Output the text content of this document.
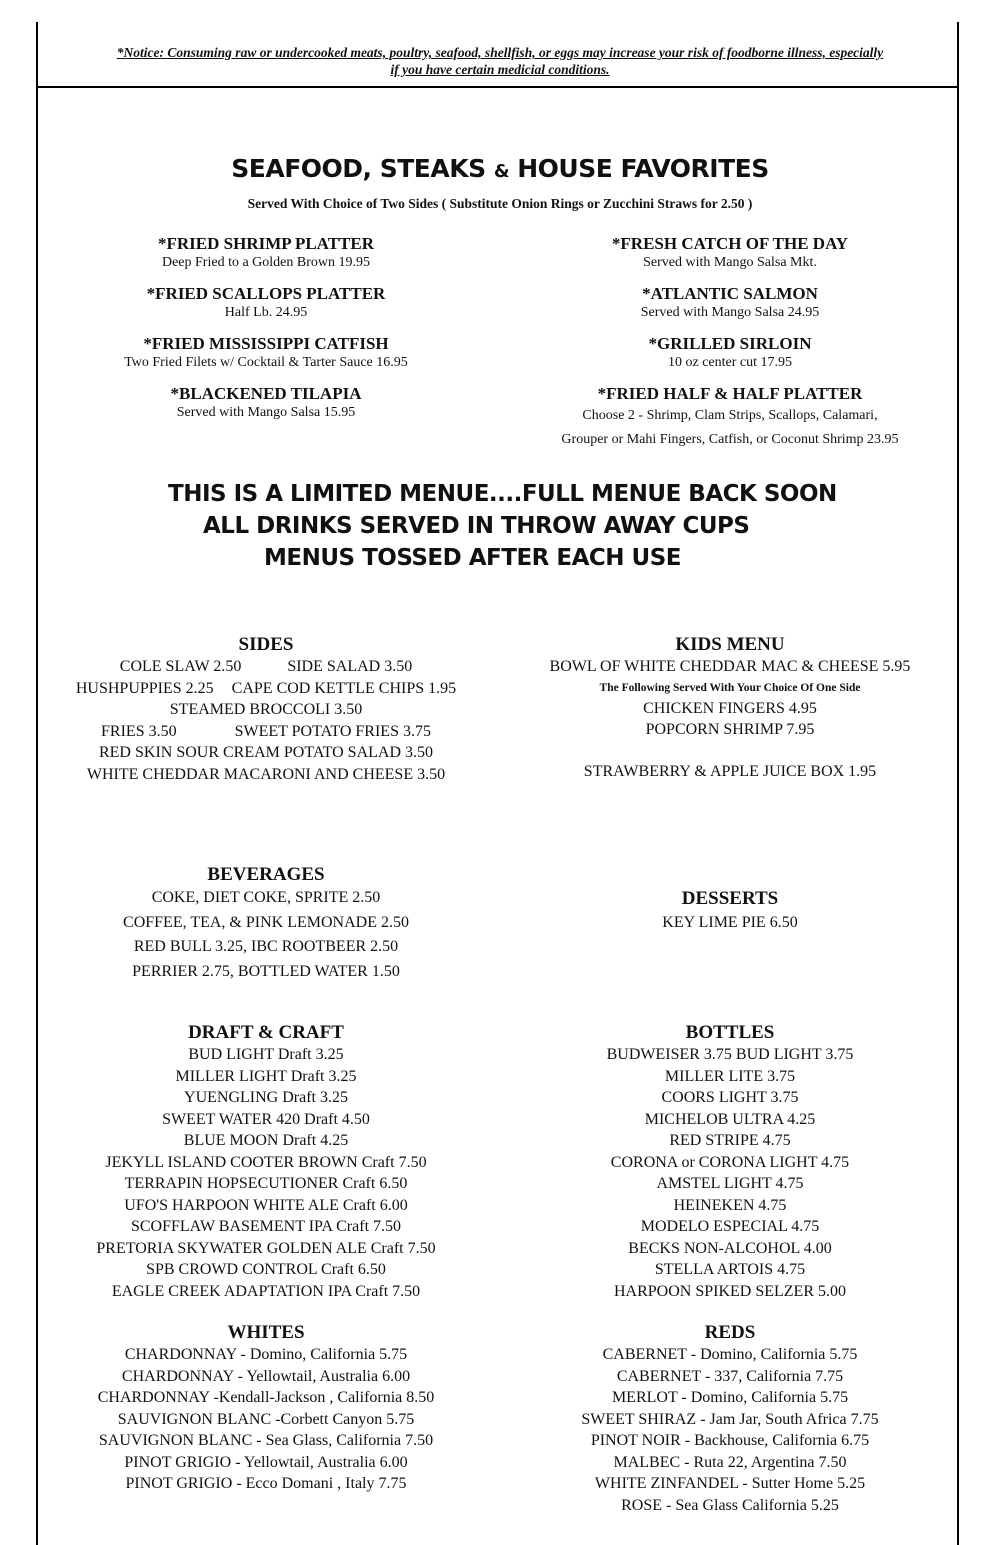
*Notice: Consuming raw or undercooked meats, poultry, seafood, shellfish, or eggs may increase your risk of foodborne illness, especially
if you have certain medicial conditions.
SEAFOOD, STEAKS & HOUSE FAVORITES
Served With Choice of Two Sides ( Substitute Onion Rings or Zucchini Straws for 2.50 )
*FRIED SHRIMP PLATTER
Deep Fried to a Golden Brown 19.95
*FRIED SCALLOPS PLATTER
Half Lb. 24.95
*FRIED MISSISSIPPI CATFISH
Two Fried Filets w/ Cocktail & Tarter Sauce 16.95
*BLACKENED TILAPIA
Served with Mango Salsa 15.95
*FRESH CATCH OF THE DAY
Served with Mango Salsa Mkt.
*ATLANTIC SALMON
Served with Mango Salsa 24.95
*GRILLED SIRLOIN
10 oz center cut 17.95
*FRIED HALF & HALF PLATTER
Choose 2 - Shrimp, Clam Strips, Scallops, Calamari,
Grouper or Mahi Fingers, Catfish, or Coconut Shrimp 23.95
THIS IS A LIMITED MENUE....FULL MENUE BACK SOON
ALL DRINKS SERVED IN THROW AWAY CUPS
MENUS TOSSED AFTER EACH USE
SIDES
COLE SLAW 2.50	SIDE SALAD 3.50
HUSHPUPPIES 2.25 CAPE COD KETTLE CHIPS 1.95
STEAMED BROCCOLI 3.50
FRIES 3.50	SWEET POTATO FRIES 3.75
RED SKIN SOUR CREAM POTATO SALAD 3.50
WHITE CHEDDAR MACARONI AND CHEESE 3.50
KIDS MENU
BOWL OF WHITE CHEDDAR MAC & CHEESE 5.95
The Following Served With Your Choice Of One Side
CHICKEN FINGERS 4.95
POPCORN SHRIMP 7.95
STRAWBERRY & APPLE JUICE BOX 1.95
BEVERAGES
COKE, DIET COKE, SPRITE 2.50
COFFEE, TEA, & PINK LEMONADE 2.50
RED BULL 3.25, IBC ROOTBEER 2.50
PERRIER 2.75, BOTTLED WATER 1.50
DESSERTS
KEY LIME PIE 6.50
DRAFT & CRAFT
BUD LIGHT Draft 3.25
MILLER LIGHT Draft 3.25
YUENGLING Draft 3.25
SWEET WATER 420 Draft 4.50
BLUE MOON Draft 4.25
JEKYLL ISLAND COOTER BROWN Craft 7.50
TERRAPIN HOPSECUTIONER Craft 6.50
UFO'S HARPOON WHITE ALE Craft 6.00
SCOFFLAW BASEMENT IPA Craft 7.50
PRETORIA SKYWATER GOLDEN ALE Craft 7.50
SPB CROWD CONTROL Craft 6.50
EAGLE CREEK ADAPTATION IPA Craft 7.50
BOTTLES
BUDWEISER 3.75 BUD LIGHT 3.75
MILLER LITE 3.75
COORS LIGHT 3.75
MICHELOB ULTRA 4.25
RED STRIPE 4.75
CORONA or CORONA LIGHT 4.75
AMSTEL LIGHT 4.75
HEINEKEN 4.75
MODELO ESPECIAL 4.75
BECKS NON-ALCOHOL 4.00
STELLA ARTOIS 4.75
HARPOON SPIKED SELZER 5.00
WHITES
CHARDONNAY - Domino, California 5.75
CHARDONNAY - Yellowtail, Australia 6.00
CHARDONNAY -Kendall-Jackson , California 8.50
SAUVIGNON BLANC -Corbett Canyon 5.75
SAUVIGNON BLANC - Sea Glass, California 7.50
PINOT GRIGIO - Yellowtail, Australia 6.00
PINOT GRIGIO - Ecco Domani , Italy 7.75
REDS
CABERNET - Domino, California 5.75
CABERNET - 337, California 7.75
MERLOT - Domino, California 5.75
SWEET SHIRAZ - Jam Jar, South Africa 7.75
PINOT NOIR - Backhouse, California 6.75
MALBEC - Ruta 22, Argentina 7.50
WHITE ZINFANDEL - Sutter Home 5.25
ROSE - Sea Glass California 5.25
